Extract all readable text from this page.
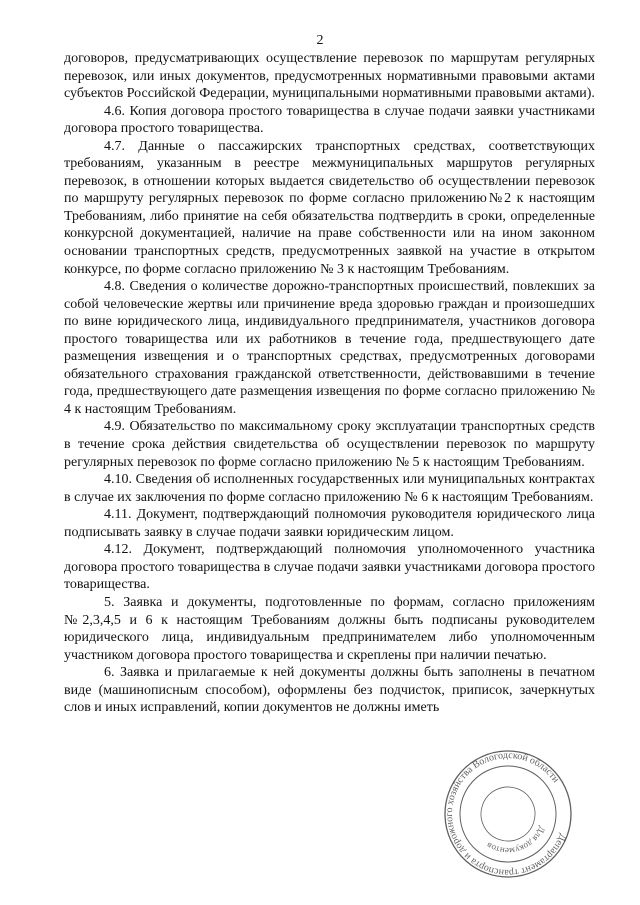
2

договоров, предусматривающих осуществление перевозок по маршрутам регулярных перевозок, или иных документов, предусмотренных нормативными правовыми актами субъектов Российской Федерации, муниципальными нормативными правовыми актами).

4.6. Копия договора простого товарищества в случае подачи заявки участниками договора простого товарищества.

4.7. Данные о пассажирских транспортных средствах, соответствующих требованиям, указанным в реестре межмуниципальных маршрутов регулярных перевозок, в отношении которых выдается свидетельство об осуществлении перевозок по маршруту регулярных перевозок по форме согласно приложению№2 к настоящим Требованиям, либо принятие на себя обязательства подтвердить в сроки, определенные конкурсной документацией, наличие на праве собственности или на ином законном основании транспортных средств, предусмотренных заявкой на участие в открытом конкурсе, по форме согласно приложению № 3 к настоящим Требованиям.

4.8. Сведения о количестве дорожно-транспортных происшествий, повлекших за собой человеческие жертвы или причинение вреда здоровью граждан и произошедших по вине юридического лица, индивидуального предпринимателя, участников договора простого товарищества или их работников в течение года, предшествующего дате размещения извещения и о транспортных средствах, предусмотренных договорами обязательного страхования гражданской ответственности, действовавшими в течение года, предшествующего дате размещения извещения по форме согласно приложению № 4 к настоящим Требованиям.

4.9. Обязательство по максимальному сроку эксплуатации транспортных средств в течение срока действия свидетельства об осуществлении перевозок по маршруту регулярных перевозок по форме согласно приложению № 5 к настоящим Требованиям.

4.10. Сведения об исполненных государственных или муниципальных контрактах в случае их заключения по форме согласно приложению № 6 к настоящим Требованиям.

4.11. Документ, подтверждающий полномочия руководителя юридического лица подписывать заявку в случае подачи заявки юридическим лицом.

4.12. Документ, подтверждающий полномочия уполномоченного участника договора простого товарищества в случае подачи заявки участниками договора простого товарищества.

5. Заявка и документы, подготовленные по формам, согласно приложениям №2,3,4,5 и 6 к настоящим Требованиям должны быть подписаны руководителем юридического лица, индивидуальным предпринимателем либо уполномоченным участником договора простого товарищества и скреплены при наличии печатью.

6. Заявка и прилагаемые к ней документы должны быть заполнены в печатном виде (машинописным способом), оформлены без подчисток, приписок, зачеркнутых слов и иных исправлений, копии документов не должны иметь

Департамент транспорта и дорожного хозяйства Вологодской области
Для документов
